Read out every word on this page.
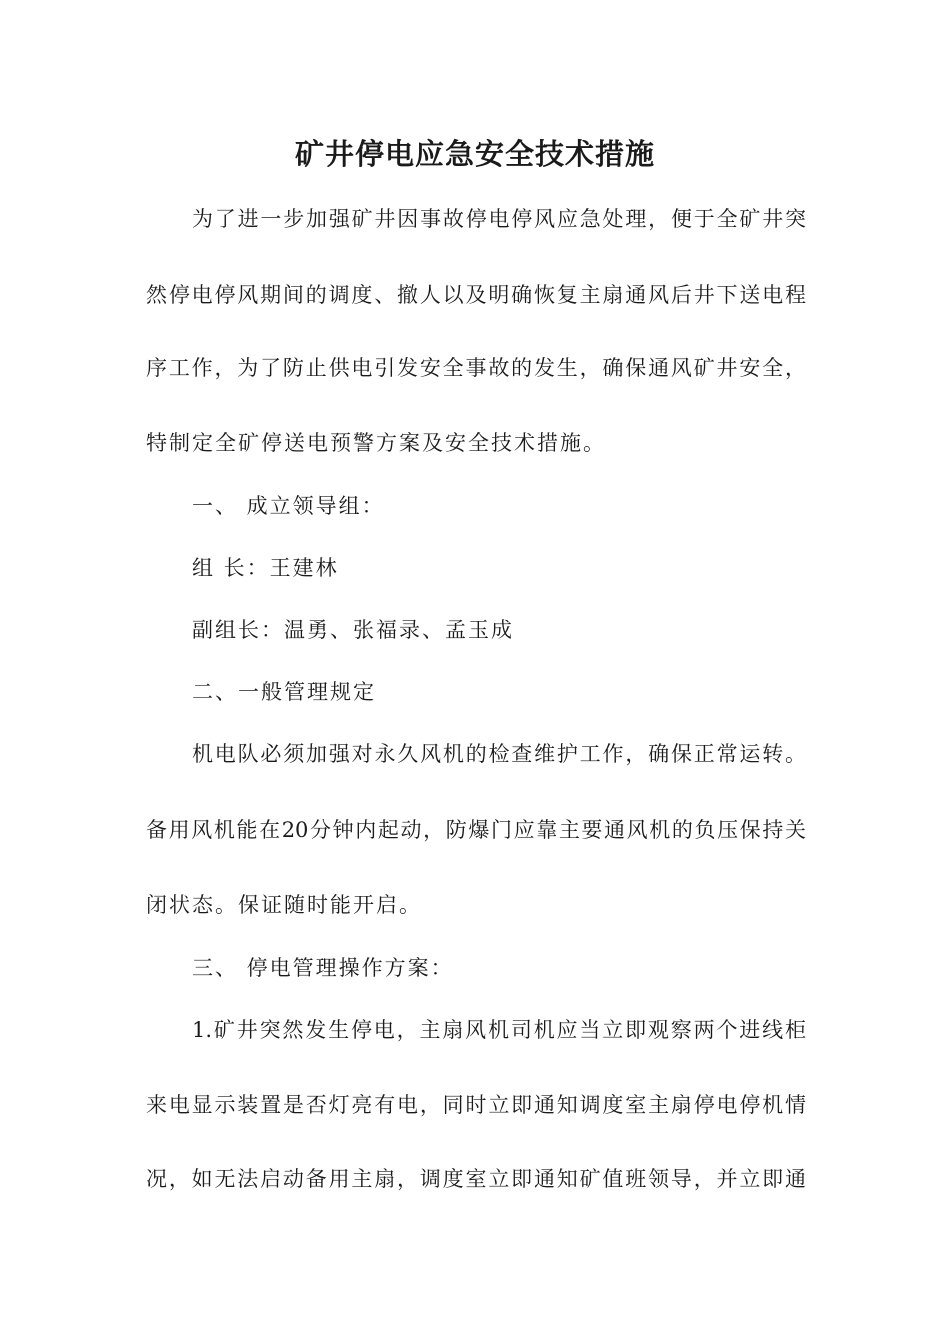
矿井停电应急安全技术措施
为了进一步加强矿井因事故停电停风应急处理，便于全矿井突
然停电停风期间的调度、撤人以及明确恢复主扇通风后井下送电程
序工作，为了防止供电引发安全事故的发生，确保通风矿井安全，
特制定全矿停送电预警方案及安全技术措施。
一、 成立领导组：
组 长：王建林
副组长：温勇、张福录、孟玉成
二、一般管理规定
机电队必须加强对永久风机的检查维护工作，确保正常运转。
备用风机能在20分钟内起动，防爆门应靠主要通风机的负压保持关
闭状态。保证随时能开启。
三、 停电管理操作方案：
1.矿井突然发生停电，主扇风机司机应当立即观察两个进线柜
来电显示装置是否灯亮有电，同时立即通知调度室主扇停电停机情
况，如无法启动备用主扇，调度室立即通知矿值班领导，并立即通
